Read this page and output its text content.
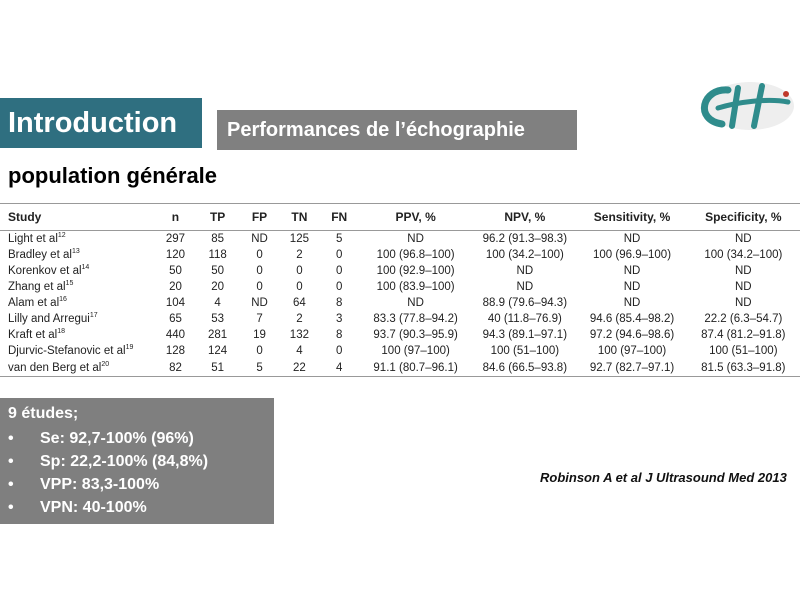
Introduction	Performances de l’échographie
population générale
Study	n	TP	FP	TN	FN	PPV, %	NPV, %	Sensitivity, %	Specificity, %
Light et $al^{12}$	297	85	ND	125	5	ND	96.2 (91.3–98.3)	ND	ND
Bradley et $al^{13}$	120	118	0	2	0	100 (96.8–100)	100 (34.2–100)	100 (96.9–100)	100 (34.2–100)
Korenkov et $al^{14}$	50	50	0	0	0	100 (92.9–100)	ND	ND	ND
Zhang et $al^{15}$	20	20	0	0	0	100 (83.9–100)	ND	ND	ND
Alam et $al^{16}$	104	4	ND	64	8	ND	88.9 (79.6–94.3)	ND	ND
Lilly and Arregui$^{17}$	65	53	7	2	3	83.3 (77.8–94.2)	40 (11.8–76.9)	94.6 (85.4–98.2)	22.2 (6.3–54.7)
Kraft et $al^{18}$	440	281	19	132	8	93.7 (90.3–95.9)	94.3 (89.1–97.1)	97.2 (94.6–98.6)	87.4 (81.2–91.8)
Djurvic-Stefanovic et $al^{19}$	128	124	0	4	0	100 (97–100)	100 (51–100)	100 (97–100)	100 (51–100)
van den Berg et $al^{20}$	82	51	5	22	4	91.1 (80.7–96.1)	84.6 (66.5–93.8)	92.7 (82.7–97.1)	81.5 (63.3–91.8)
9 études;
• Se: 92,7-100% (96%)
• Sp: 22,2-100% (84,8%)
• VPP: 83,3-100%
• VPN: 40-100%
Robinson A et al J Ultrasound Med 2013
